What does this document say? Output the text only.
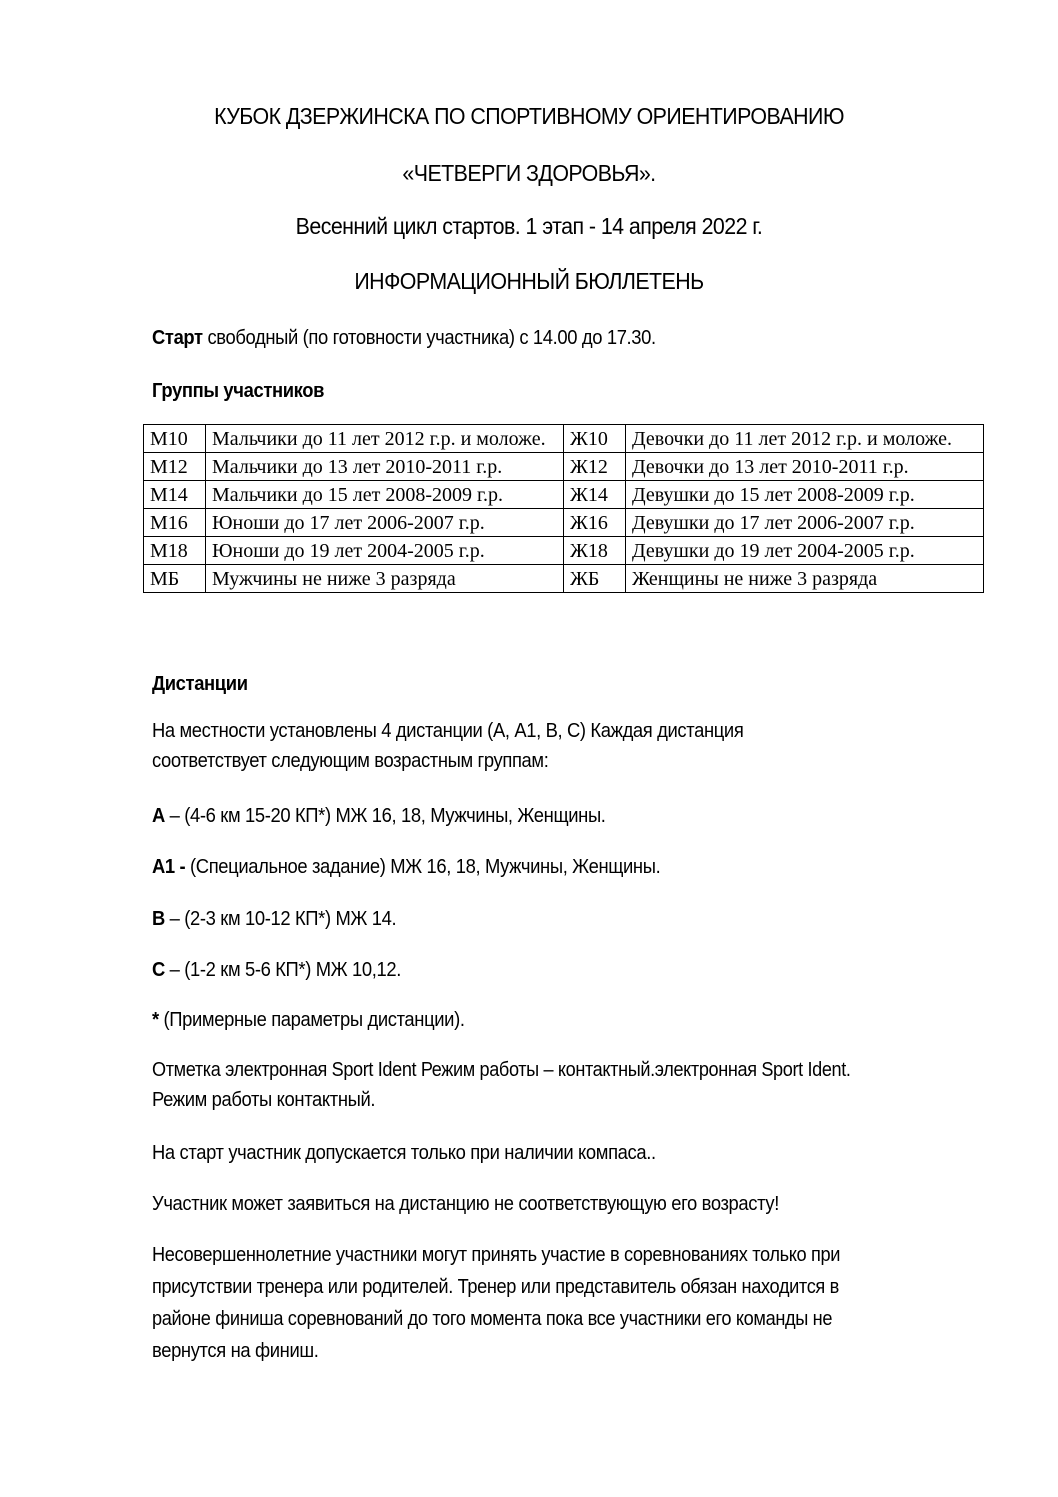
КУБОК ДЗЕРЖИНСКА ПО СПОРТИВНОМУ ОРИЕНТИРОВАНИЮ
«ЧЕТВЕРГИ ЗДОРОВЬЯ».
Весенний цикл стартов. 1 этап - 14 апреля 2022 г.
ИНФОРМАЦИОННЫЙ БЮЛЛЕТЕНЬ
Старт свободный (по готовности участника) с 14.00 до 17.30.
Группы участников
М10	Мальчики до 11 лет 2012 г.р. и моложе.	Ж10	Девочки до 11 лет 2012 г.р. и моложе.
М12	Мальчики до 13 лет 2010-2011 г.р.	Ж12	Девочки до 13 лет 2010-2011 г.р.
М14	Мальчики до 15 лет 2008-2009 г.р.	Ж14	Девушки до 15 лет 2008-2009 г.р.
М16	Юноши до 17 лет 2006-2007 г.р.	Ж16	Девушки до 17 лет 2006-2007 г.р.
М18	Юноши до 19 лет 2004-2005 г.р.	Ж18	Девушки до 19 лет 2004-2005 г.р.
МБ	Мужчины не ниже 3 разряда	ЖБ	Женщины не ниже 3 разряда
Дистанции
На местности установлены 4 дистанции (А, А1, В, С) Каждая дистанция
соответствует следующим возрастным группам:
А – (4-6 км 15-20 КП*) МЖ 16, 18, Мужчины, Женщины.
А1 - (Специальное задание) МЖ 16, 18, Мужчины, Женщины.
В – (2-3 км 10-12 КП*) МЖ 14.
С – (1-2 км 5-6 КП*) МЖ 10,12.
* (Примерные параметры дистанции).
Отметка электронная Sport Ident Режим работы – контактный.электронная Sport Ident.
Режим работы контактный.
На старт участник допускается только при наличии компаса..
Участник может заявиться на дистанцию не соответствующую его возрасту!
Несовершеннолетние участники могут принять участие в соревнованиях только при
присутствии тренера или родителей. Тренер или представитель обязан находится в
районе финиша соревнований до того момента пока все участники его команды не
вернутся на финиш.
